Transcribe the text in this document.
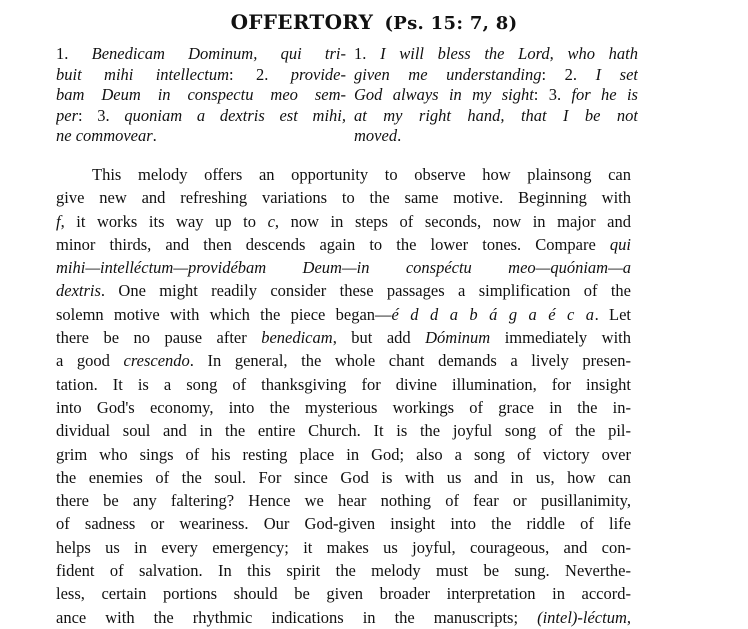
OFFERTORY (Ps. 15: 7, 8)
1. Benedicam Dominum, qui tri-
buit mihi intellectum: 2. provide-
bam Deum in conspectu meo sem-
per: 3. quoniam a dextris est mihi,
ne commovear.
1. I will bless the Lord, who hath
given me understanding: 2. I set
God always in my sight: 3. for he is
at my right hand, that I be not
moved.
This melody offers an opportunity to observe how plainsong can
give new and refreshing variations to the same motive. Beginning with
f, it works its way up to c, now in steps of seconds, now in major and
minor thirds, and then descends again to the lower tones. Compare qui
mihi—intelléctum—providébam Deum—in conspéctu meo—quóniam—a
dextris. One might readily consider these passages a simplification of the
solemn motive with which the piece began—é d d a b á g a é c a. Let
there be no pause after benedicam, but add Dóminum immediately with
a good crescendo. In general, the whole chant demands a lively presen-
tation. It is a song of thanksgiving for divine illumination, for insight
into God's economy, into the mysterious workings of grace in the in-
dividual soul and in the entire Church. It is the joyful song of the pil-
grim who sings of his resting place in God; also a song of victory over
the enemies of the soul. For since God is with us and in us, how can
there be any faltering? Hence we hear nothing of fear or pusillanimity,
of sadness or weariness. Our God-given insight into the riddle of life
helps us in every emergency; it makes us joyful, courageous, and con-
fident of salvation. In this spirit the melody must be sung. Neverthe-
less, certain portions should be given broader interpretation in accord-
ance with the rhythmic indications in the manuscripts; (intel)-léctum,
